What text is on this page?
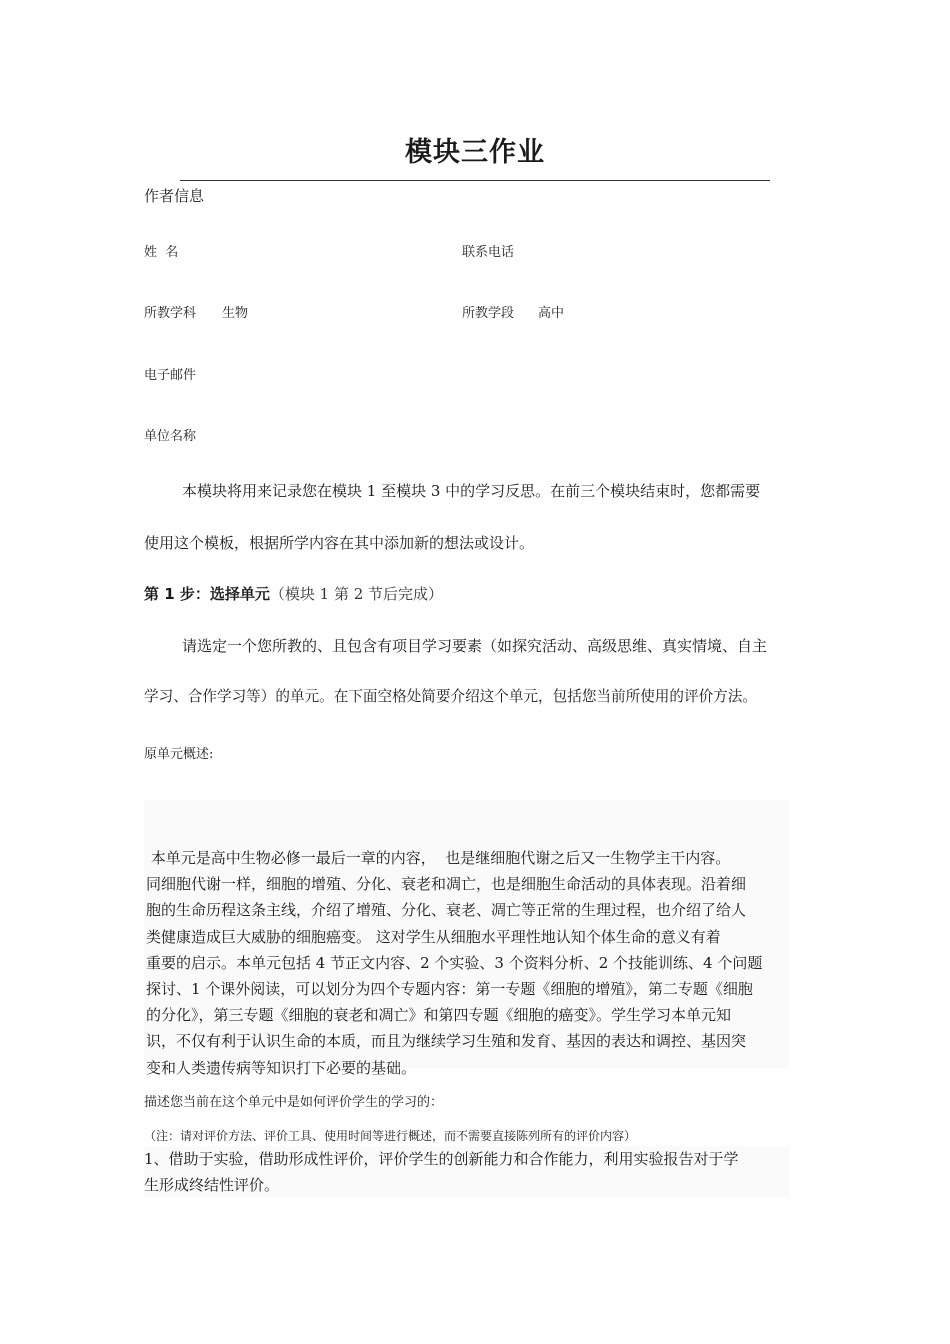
模块三作业
作者信息
姓  名	联系电话
所教学科 生物	所教学段 高中
电子邮件
单位名称
本模块将用来记录您在模块 1 至模块 3 中的学习反思。在前三个模块结束时，您都需要
使用这个模板，根据所学内容在其中添加新的想法或设计。
第 1 步：选择单元（模块 1 第 2 节后完成）
请选定一个您所教的、且包含有项目学习要素（如探究活动、高级思维、真实情境、自主
学习、合作学习等）的单元。在下面空格处简要介绍这个单元，包括您当前所使用的评价方法。
原单元概述:
本单元是高中生物必修一最后一章的内容，  也是继细胞代谢之后又一生物学主干内容。
同细胞代谢一样，细胞的增殖、分化、衰老和凋亡，也是细胞生命活动的具体表现。沿着细
胞的生命历程这条主线，介绍了增殖、分化、衰老、凋亡等正常的生理过程，也介绍了给人
类健康造成巨大威胁的细胞癌变。 这对学生从细胞水平理性地认知个体生命的意义有着
重要的启示。本单元包括 4 节正文内容、2 个实验、3 个资料分析、2 个技能训练、4 个问题
探讨、1 个课外阅读，可以划分为四个专题内容：第一专题《细胞的增殖》，第二专题《细胞
的分化》，第三专题《细胞的衰老和凋亡》和第四专题《细胞的癌变》。学生学习本单元知
识，不仅有利于认识生命的本质，而且为继续学习生殖和发育、基因的表达和调控、基因突
变和人类遗传病等知识打下必要的基础。
描述您当前在这个单元中是如何评价学生的学习的：
（注：请对评价方法、评价工具、使用时间等进行概述，而不需要直接陈列所有的评价内容）
1、借助于实验，借助形成性评价，评价学生的创新能力和合作能力，利用实验报告对于学
生形成终结性评价。
